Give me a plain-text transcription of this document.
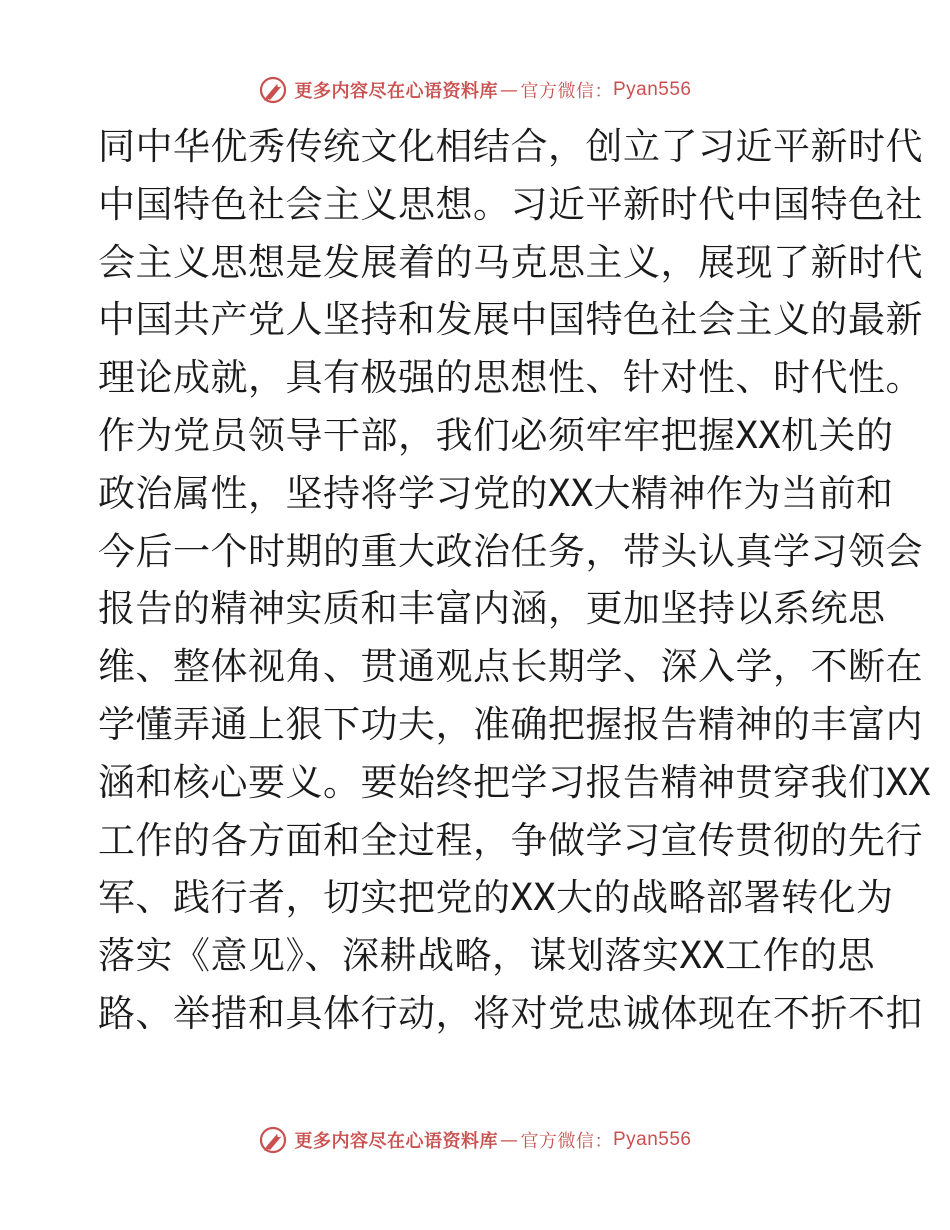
更多内容尽在心语资料库 — 官方微信： Pyan556
同中华优秀传统文化相结合，创立了习近平新时代
中国特色社会主义思想。习近平新时代中国特色社
会主义思想是发展着的马克思主义，展现了新时代
中国共产党人坚持和发展中国特色社会主义的最新
理论成就，具有极强的思想性、针对性、时代性。
作为党员领导干部，我们必须牢牢把握XX机关的
政治属性，坚持将学习党的XX大精神作为当前和
今后一个时期的重大政治任务，带头认真学习领会
报告的精神实质和丰富内涵，更加坚持以系统思
维、整体视角、贯通观点长期学、深入学，不断在
学懂弄通上狠下功夫，准确把握报告精神的丰富内
涵和核心要义。要始终把学习报告精神贯穿我们XX
工作的各方面和全过程，争做学习宣传贯彻的先行
军、践行者，切实把党的XX大的战略部署转化为
落实《意见》、深耕战略，谋划落实XX工作的思
路、举措和具体行动，将对党忠诚体现在不折不扣
更多内容尽在心语资料库 — 官方微信： Pyan556
